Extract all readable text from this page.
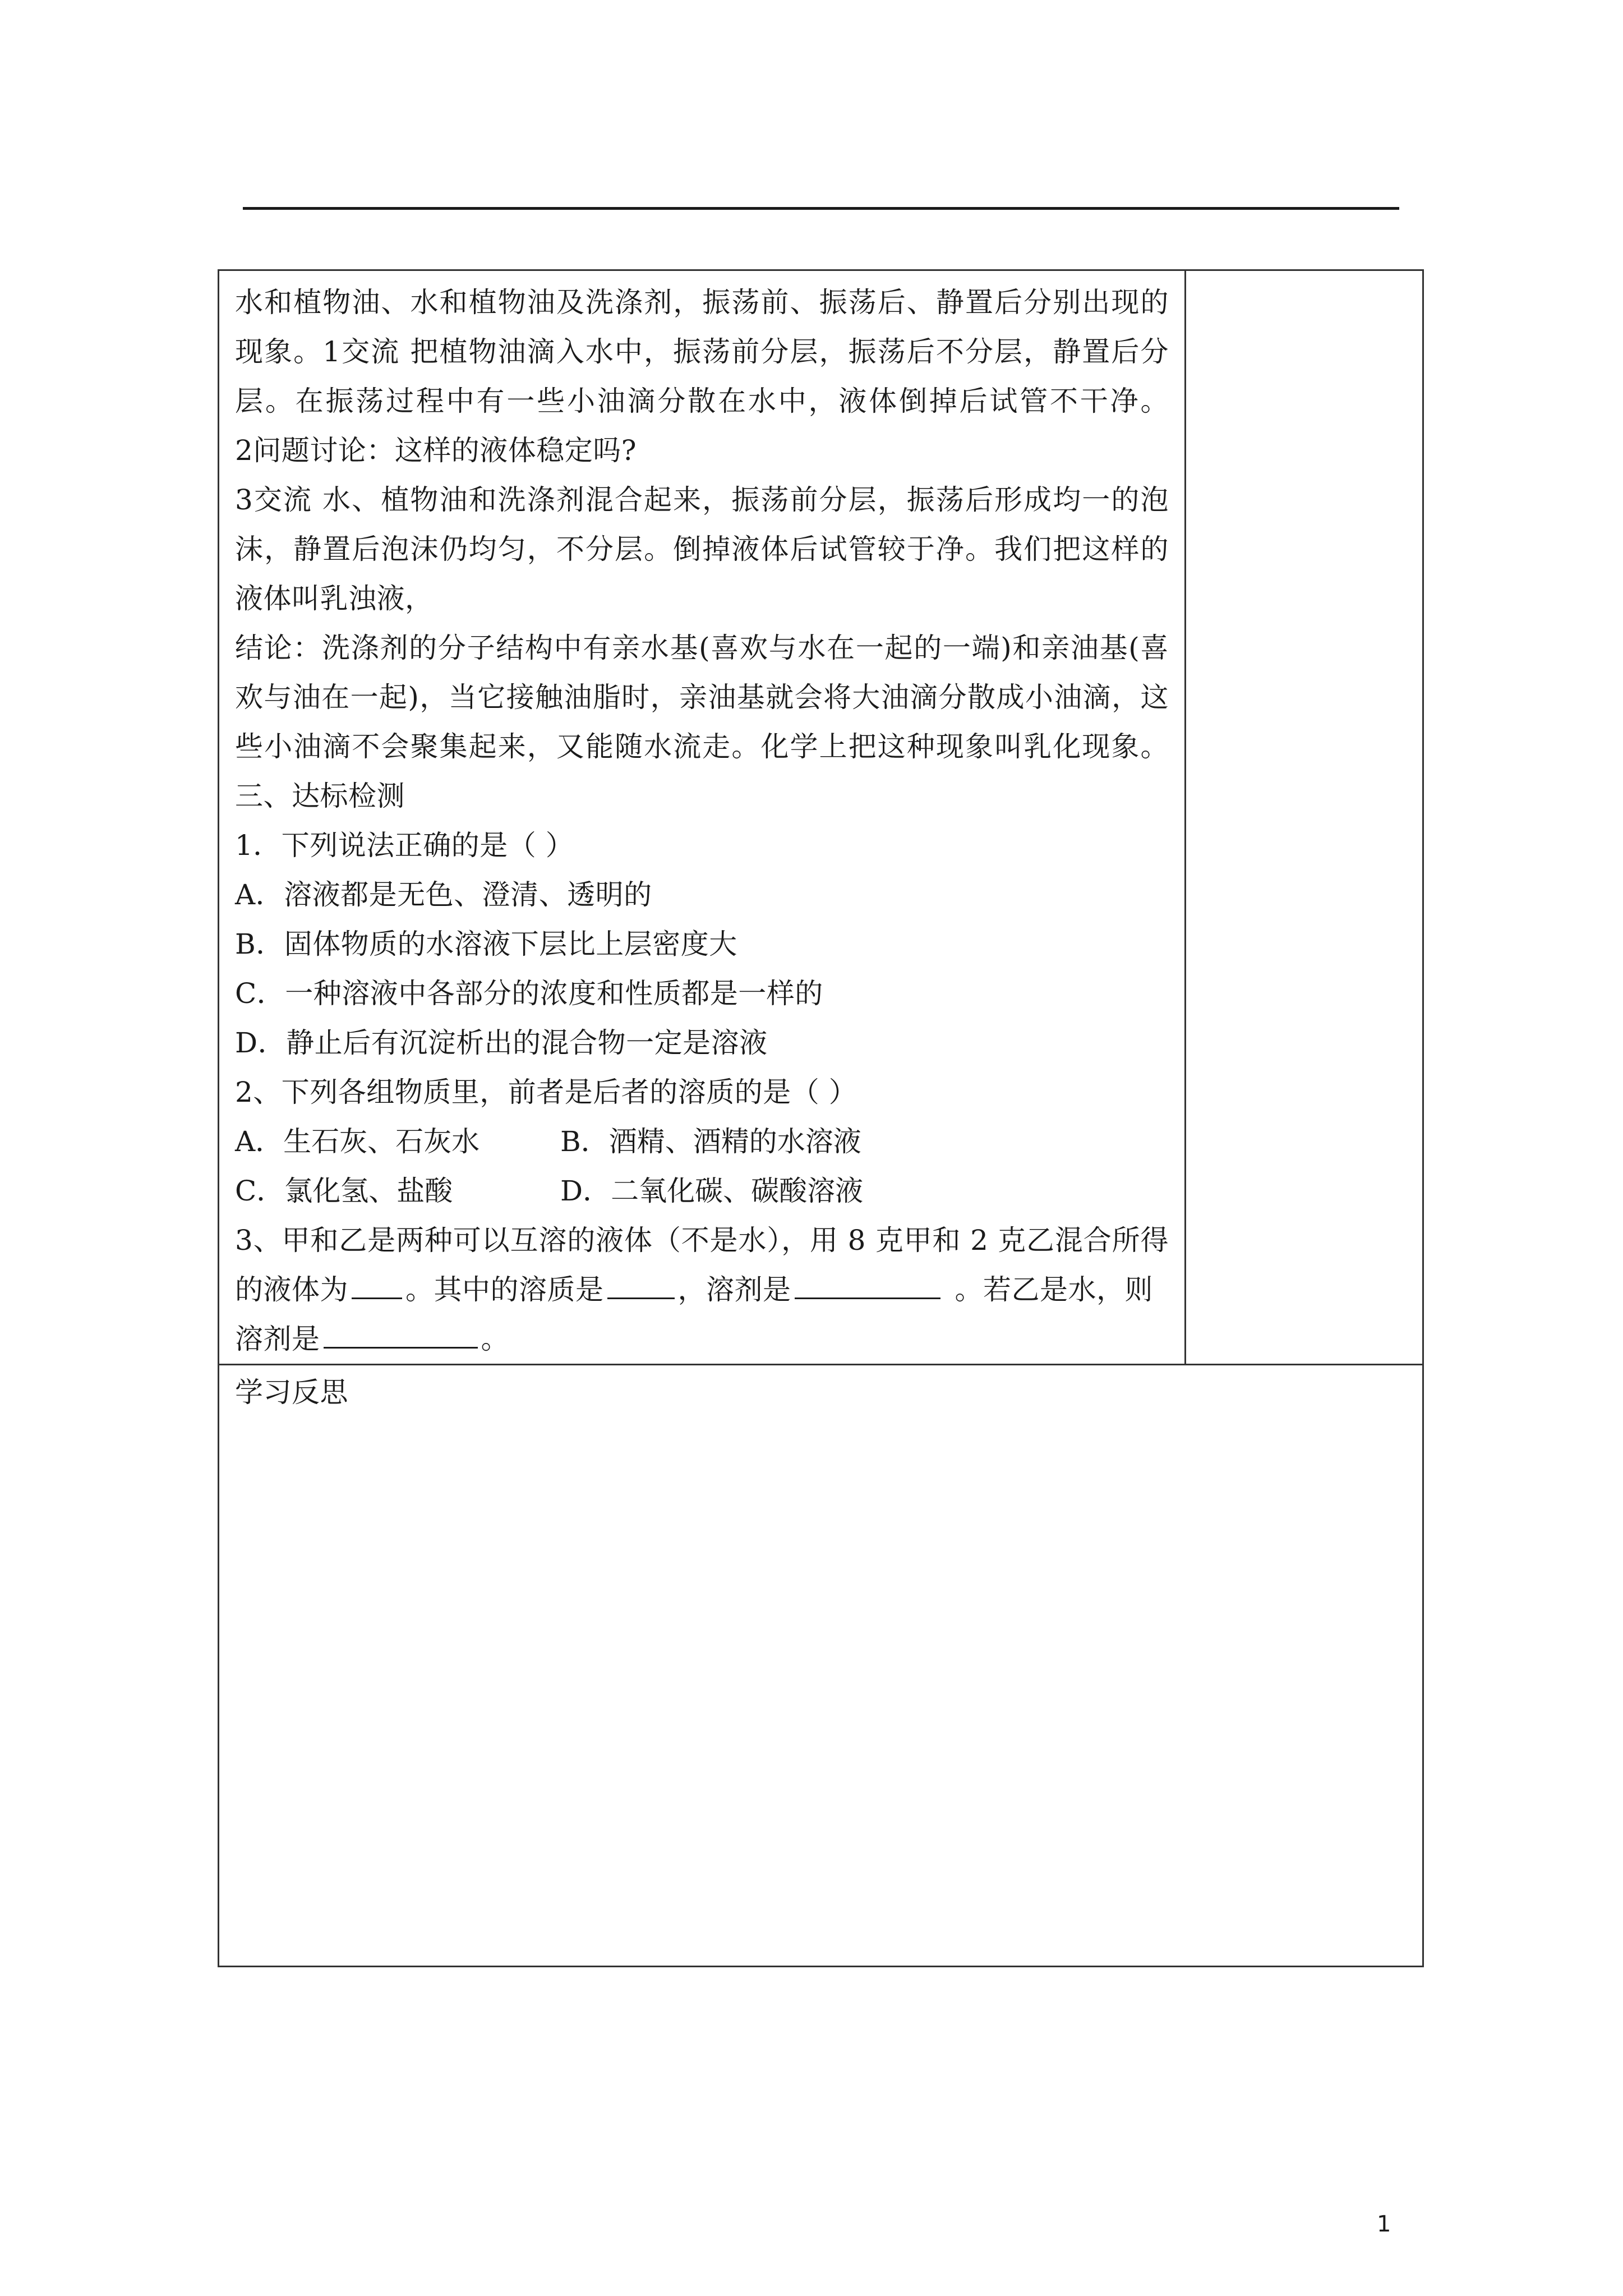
水和植物油、水和植物油及洗涤剂，振荡前、振荡后、静置后分别出现的
现象。1交流 把植物油滴入水中，振荡前分层，振荡后不分层，静置后分
层。在振荡过程中有一些小油滴分散在水中，液体倒掉后试管不干净。
2问题讨论：这样的液体稳定吗?
3交流 水、植物油和洗涤剂混合起来，振荡前分层，振荡后形成均一的泡
沫，静置后泡沫仍均匀，不分层。倒掉液体后试管较于净。我们把这样的
液体叫乳浊液，
结论：洗涤剂的分子结构中有亲水基(喜欢与水在一起的一端)和亲油基(喜
欢与油在一起)，当它接触油脂时，亲油基就会将大油滴分散成小油滴，这
些小油滴不会聚集起来，又能随水流走。化学上把这种现象叫乳化现象。
三、达标检测
1．下列说法正确的是（ ）
A．溶液都是无色、澄清、透明的
B．固体物质的水溶液下层比上层密度大
C．一种溶液中各部分的浓度和性质都是一样的
D．静止后有沉淀析出的混合物一定是溶液
2、下列各组物质里，前者是后者的溶质的是（ ）
A．生石灰、石灰水	B．酒精、酒精的水溶液
C．氯化氢、盐酸	D．二氧化碳、碳酸溶液
3、甲和乙是两种可以互溶的液体（不是水），用 8 克甲和 2 克乙混合所得
的液体为 。其中的溶质是	，溶剂是	。若乙是水，则
溶剂是	。
学习反思
1
